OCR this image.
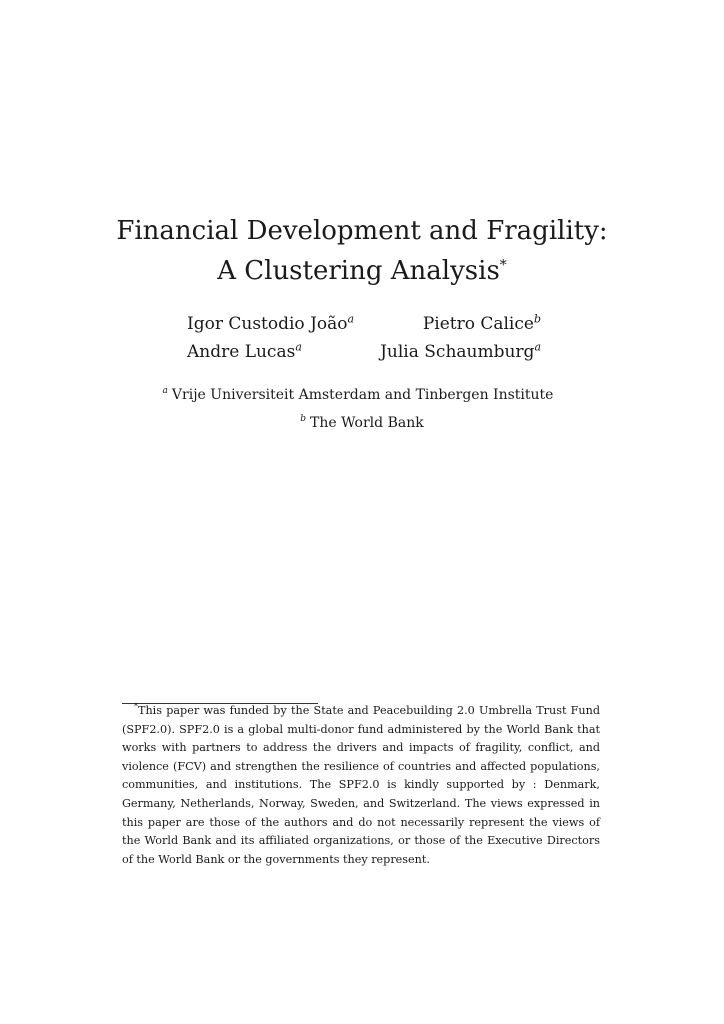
Financial Development and Fragility:
A Clustering Analysis*
Igor Custodio João$^a$	Pietro Calice$^b$
Andre Lucas$^a$	Julia Schaumburg$^a$
$^a$ Vrije Universiteit Amsterdam and Tinbergen Institute
$^b$ The World Bank

*This paper was funded by the State and Peacebuilding 2.0 Umbrella Trust Fund (SPF2.0). SPF2.0 is a global multi-donor fund administered by the World Bank that works with partners to address the drivers and impacts of fragility, conflict, and violence (FCV) and strengthen the resilience of countries and affected populations, communities, and institutions. The SPF2.0 is kindly supported by : Denmark, Germany, Netherlands, Norway, Sweden, and Switzerland. The views expressed in this paper are those of the authors and do not necessarily represent the views of the World Bank and its affiliated organizations, or those of the Executive Directors of the World Bank or the governments they represent.
